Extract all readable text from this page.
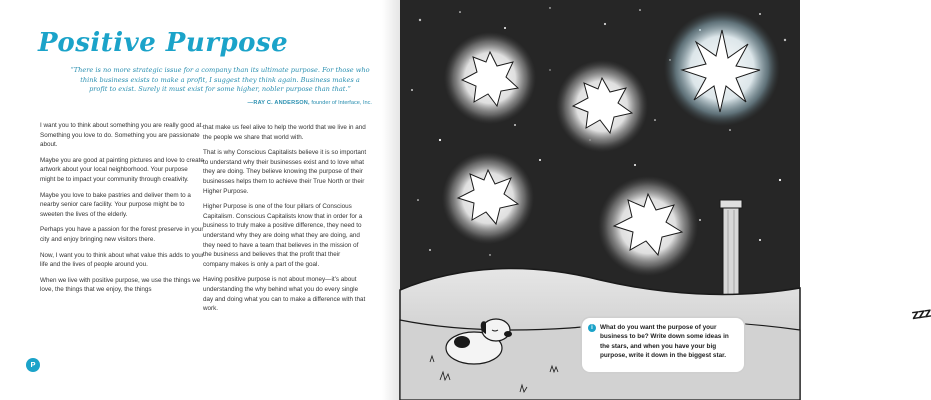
Positive Purpose
“There is no more strategic issue for a company than its ultimate purpose. For those who think business exists to make a profit, I suggest they think again. Business makes a profit to exist. Surely it must exist for some higher, nobler purpose than that.”
—RAY C. ANDERSON, founder of Interface, Inc.

I want you to think about something you are really good at. Something you love to do. Something you are passionate about.

Maybe you are good at painting pictures and love to create artwork about your local neighborhood. Your purpose might be to impact your community through creativity.

Maybe you love to bake pastries and deliver them to a nearby senior care facility. Your purpose might be to sweeten the lives of the elderly.

Perhaps you have a passion for the forest preserve in your city and enjoy bringing new visitors there.

Now, I want you to think about what value this adds to your life and the lives of people around you.

When we live with positive purpose, we use the things we love, the things that we enjoy, the things

that make us feel alive to help the world that we live in and the people we share that world with.

That is why Conscious Capitalists believe it is so important to understand why their businesses exist and to love what they are doing. They believe knowing the purpose of their businesses helps them to achieve their True North or their Higher Purpose.

Higher Purpose is one of the four pillars of Conscious Capitalism. Conscious Capitalists know that in order for a business to truly make a positive difference, they need to understand why they are doing what they are doing, and they need to have a team that believes in the mission of the business and believes that the profit that their company makes is only a part of the goal.

Having positive purpose is not about money—it’s about understanding the why behind what you do every single day and doing what you can to make a difference with that work.

P
ZZZ
i	What do you want the purpose of your business to be? Write down some ideas in the stars, and when you have your big purpose, write it down in the biggest star.
